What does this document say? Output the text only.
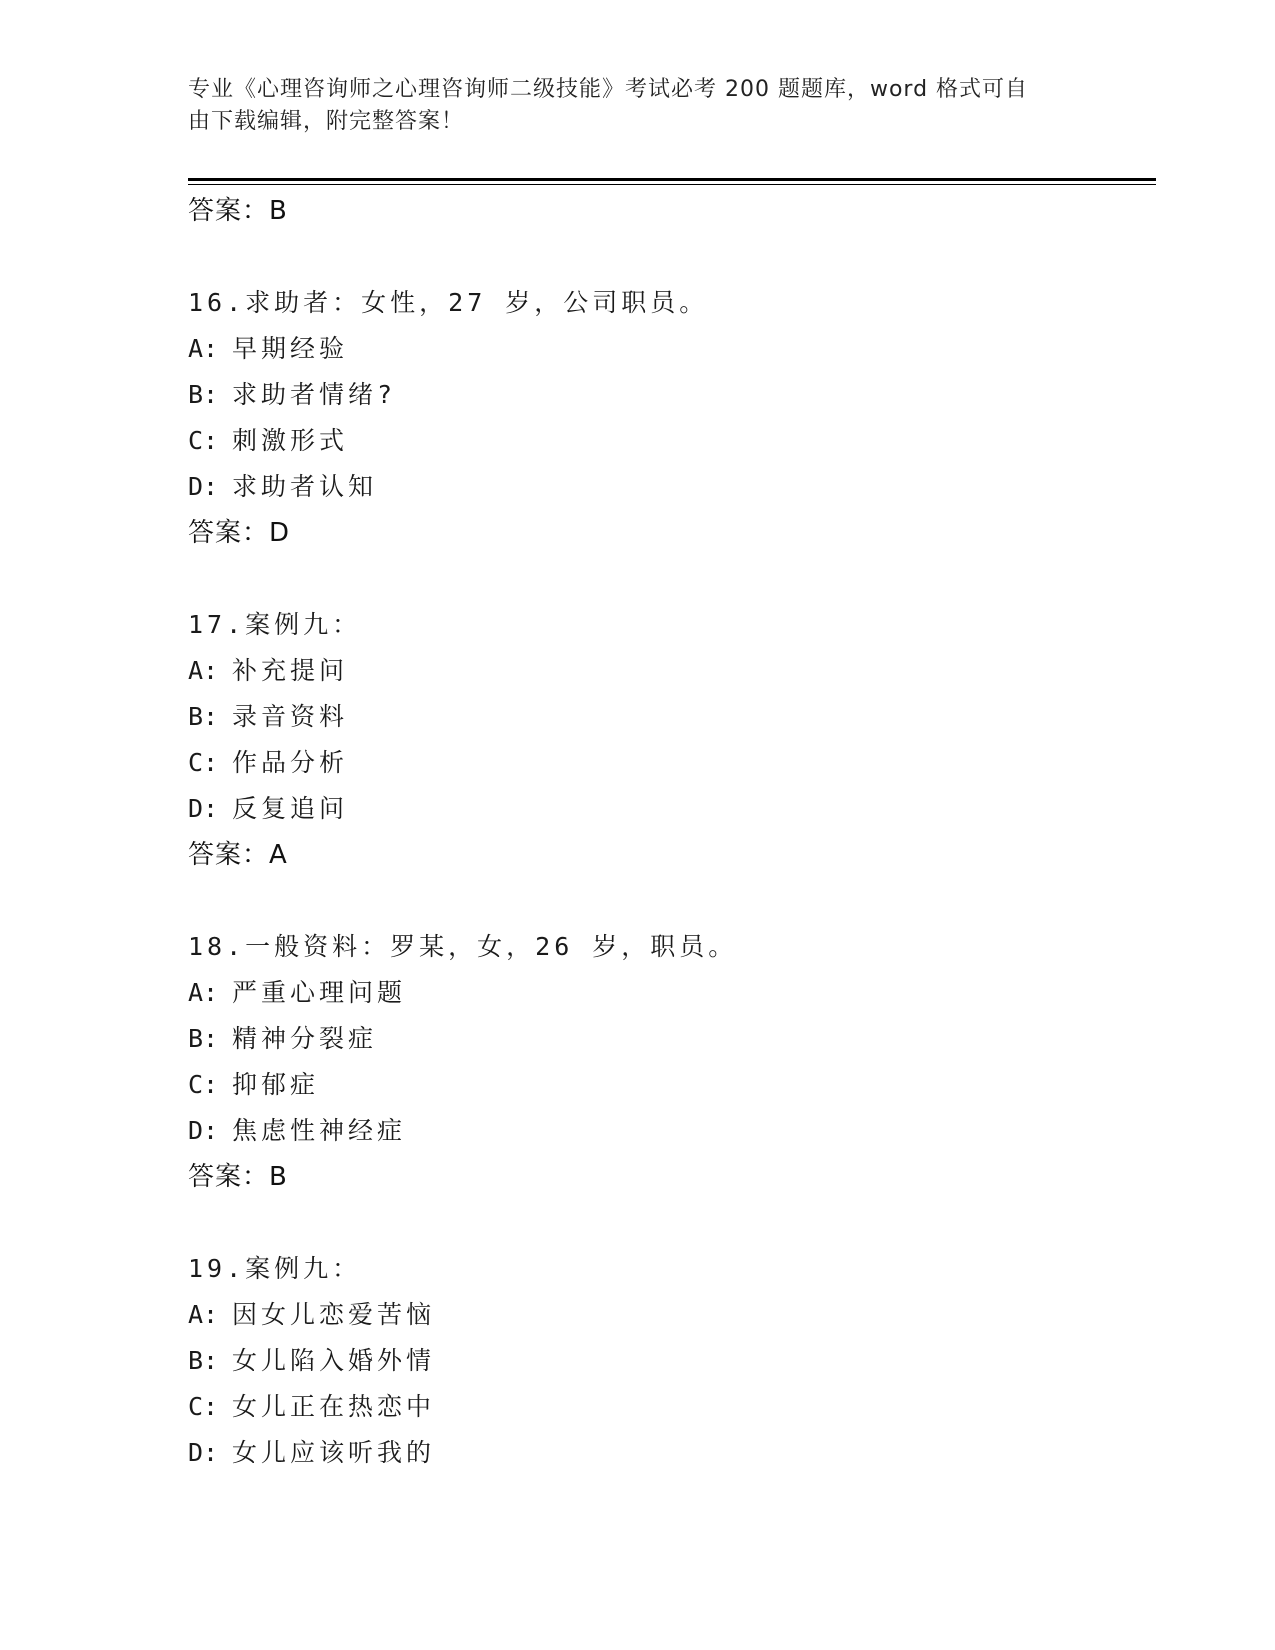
专业《心理咨询师之心理咨询师二级技能》考试必考 200 题题库，word 格式可自
由下载编辑，附完整答案！
答案：B
16.求助者：女性，27 岁，公司职员。
A: 早期经验
B: 求助者情绪?
C: 刺激形式
D: 求助者认知
答案：D
17.案例九：
A: 补充提问
B: 录音资料
C: 作品分析
D: 反复追问
答案：A
18.一般资料：罗某，女，26 岁，职员。
A: 严重心理问题
B: 精神分裂症
C: 抑郁症
D: 焦虑性神经症
答案：B
19.案例九：
A: 因女儿恋爱苦恼
B: 女儿陷入婚外情
C: 女儿正在热恋中
D: 女儿应该听我的
